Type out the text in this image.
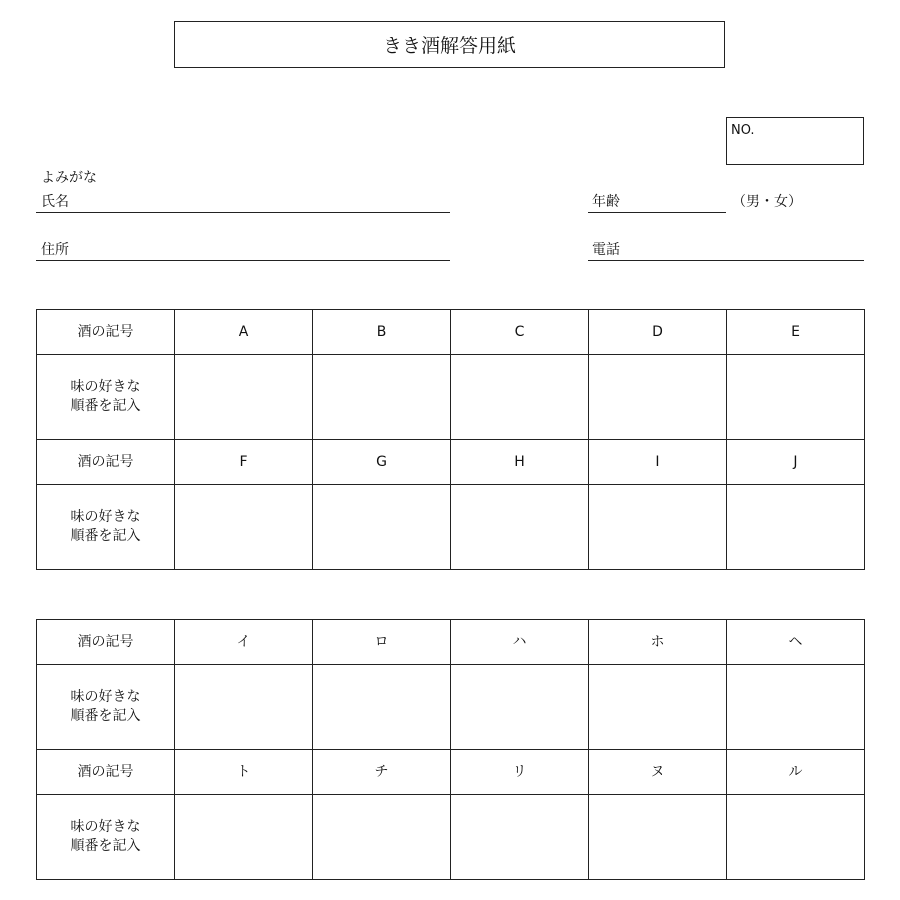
きき酒解答用紙
NO.
よみがな
氏名
住所
年齢	（男・女）
電話
酒の記号	A	B	C	D	E
味の好きな
順番を記入					
酒の記号	F	G	H	I	J
味の好きな
順番を記入					
酒の記号	イ	ロ	ハ	ホ	ヘ
味の好きな
順番を記入					
酒の記号	ト	チ	リ	ヌ	ル
味の好きな
順番を記入					
